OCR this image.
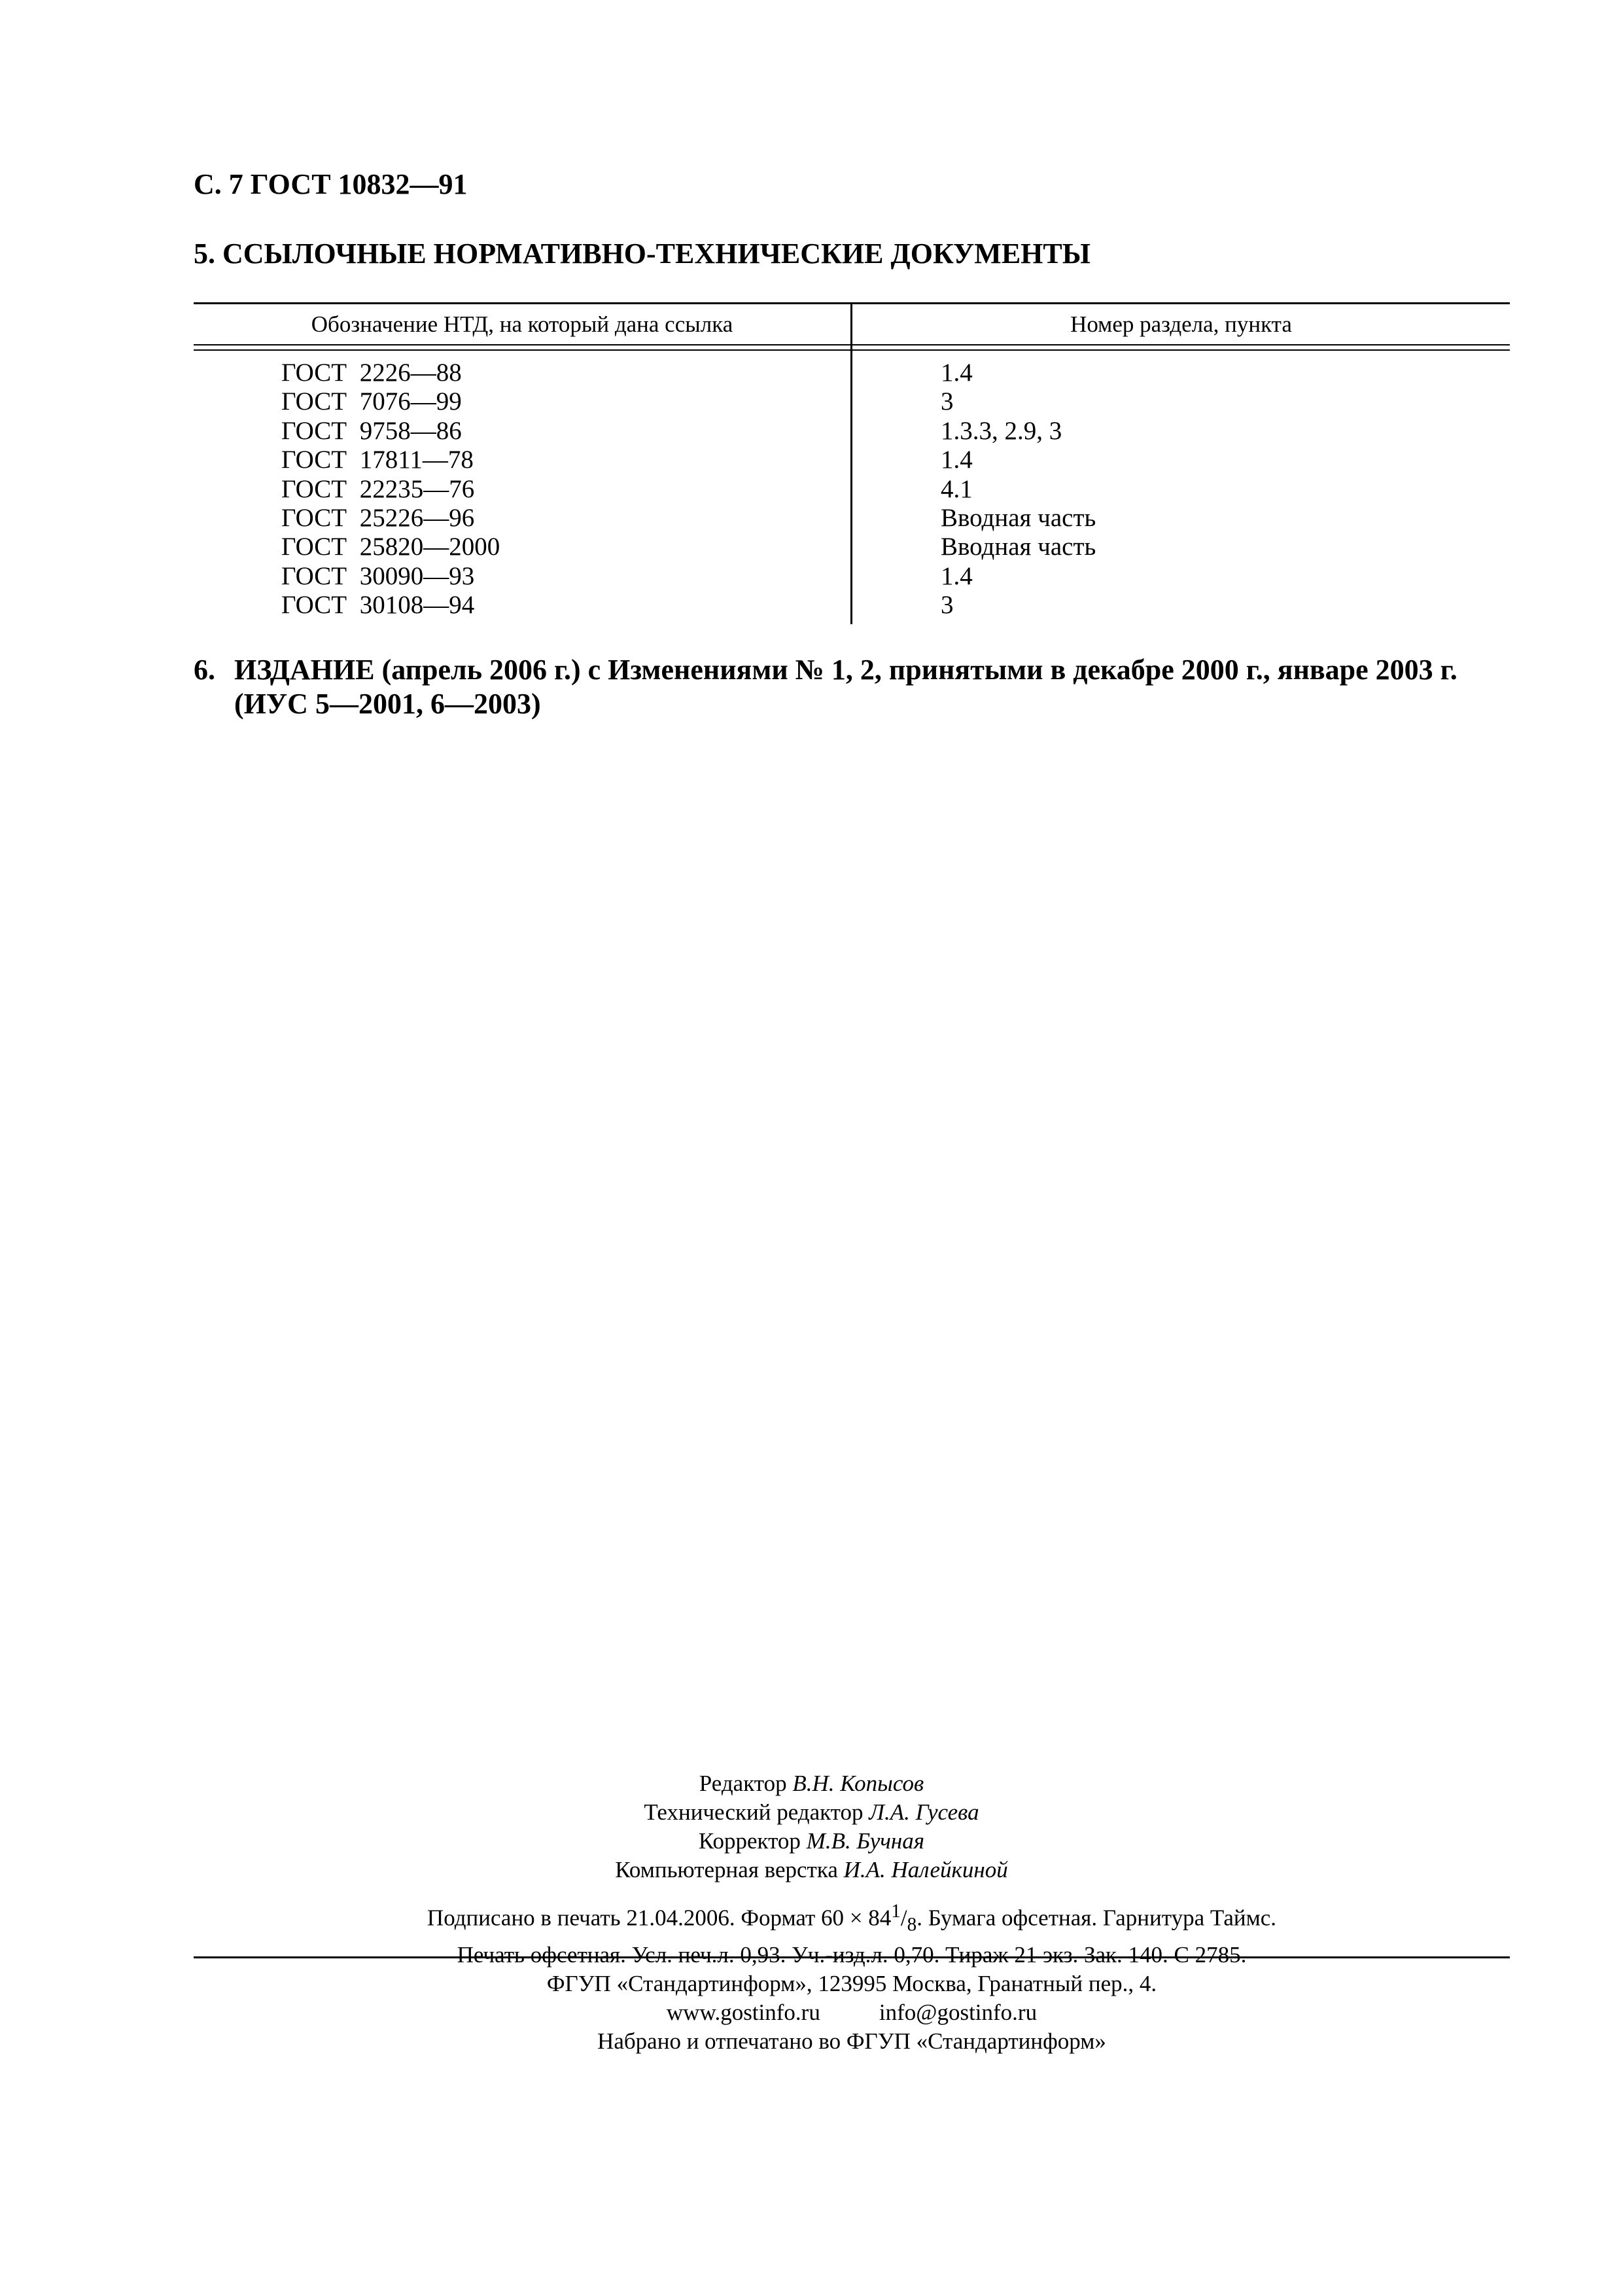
С. 7 ГОСТ 10832—91
5. ССЫЛОЧНЫЕ НОРМАТИВНО-ТЕХНИЧЕСКИЕ ДОКУМЕНТЫ
Обозначение НТД, на который дана ссылка	Номер раздела, пункта
ГОСТ 2226—88	1.4
ГОСТ 7076—99	3
ГОСТ 9758—86	1.3.3, 2.9, 3
ГОСТ 17811—78	1.4
ГОСТ 22235—76	4.1
ГОСТ 25226—96	Вводная часть
ГОСТ 25820—2000	Вводная часть
ГОСТ 30090—93	1.4
ГОСТ 30108—94	3
6. ИЗДАНИЕ (апрель 2006 г.) с Изменениями № 1, 2, принятыми в декабре 2000 г., январе 2003 г. (ИУС 5—2001, 6—2003)
Редактор В.Н. Копысов
Технический редактор Л.А. Гусева
Корректор М.В. Бучная
Компьютерная верстка И.А. Налейкиной
Подписано в печать 21.04.2006. Формат $60 \times 84^1/_8$. Бумага офсетная. Гарнитура Таймс.
Печать офсетная. Усл. печ.л. 0,93. Уч.-изд.л. 0,70. Тираж 21 экз. Зак. 140. С 2785.
ФГУП «Стандартинформ», 123995 Москва, Гранатный пер., 4.
www.gostinfo.ru	info@gostinfo.ru
Набрано и отпечатано во ФГУП «Стандартинформ»
